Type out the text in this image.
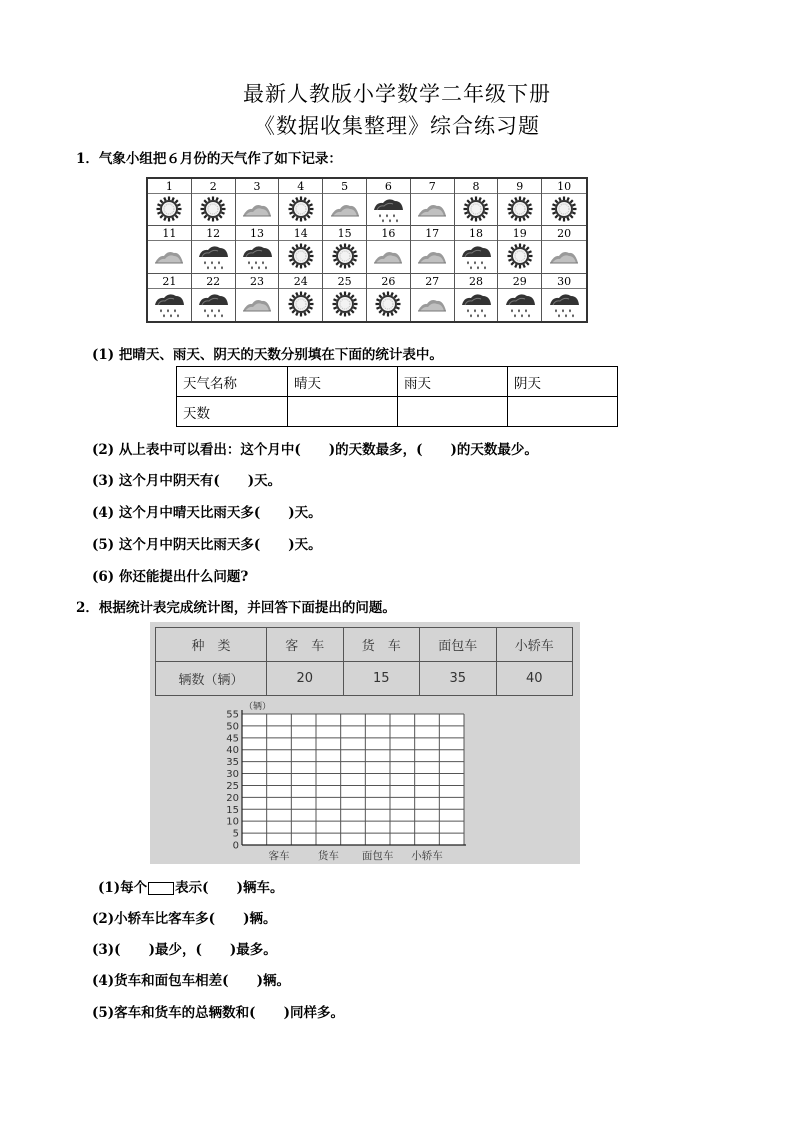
最新人教版小学数学二年级下册
《数据收集整理》综合练习题
1．气象小组把６月份的天气作了如下记录：
1	2	3	4	5	6	7	8	9	10
11	12	13	14	15	16	17	18	19	20
21	22	23	24	25	26	27	28	29	30
(1) 把晴天、雨天、阴天的天数分别填在下面的统计表中。
天气名称	晴天	雨天	阴天
天数			
(2) 从上表中可以看出：这个月中( )的天数最多，( )的天数最少。
(3) 这个月中阴天有( )天。
(4) 这个月中晴天比雨天多( )天。
(5) 这个月中阴天比雨天多( )天。
(6) 你还能提出什么问题?
2．根据统计表完成统计图，并回答下面提出的问题。
种　类	客　车	货　车	面包车	小轿车
辆数（辆）	20	15	35	40
0
5
10
15
20
25
30
35
40
45
50
55
（辆）
客车	货车 面包车 小轿车
(1)每个 表示( )辆车。
(2)小轿车比客车多( )辆。
(3)( )最少，( )最多。
(4)货车和面包车相差( )辆。
(5)客车和货车的总辆数和( )同样多。
